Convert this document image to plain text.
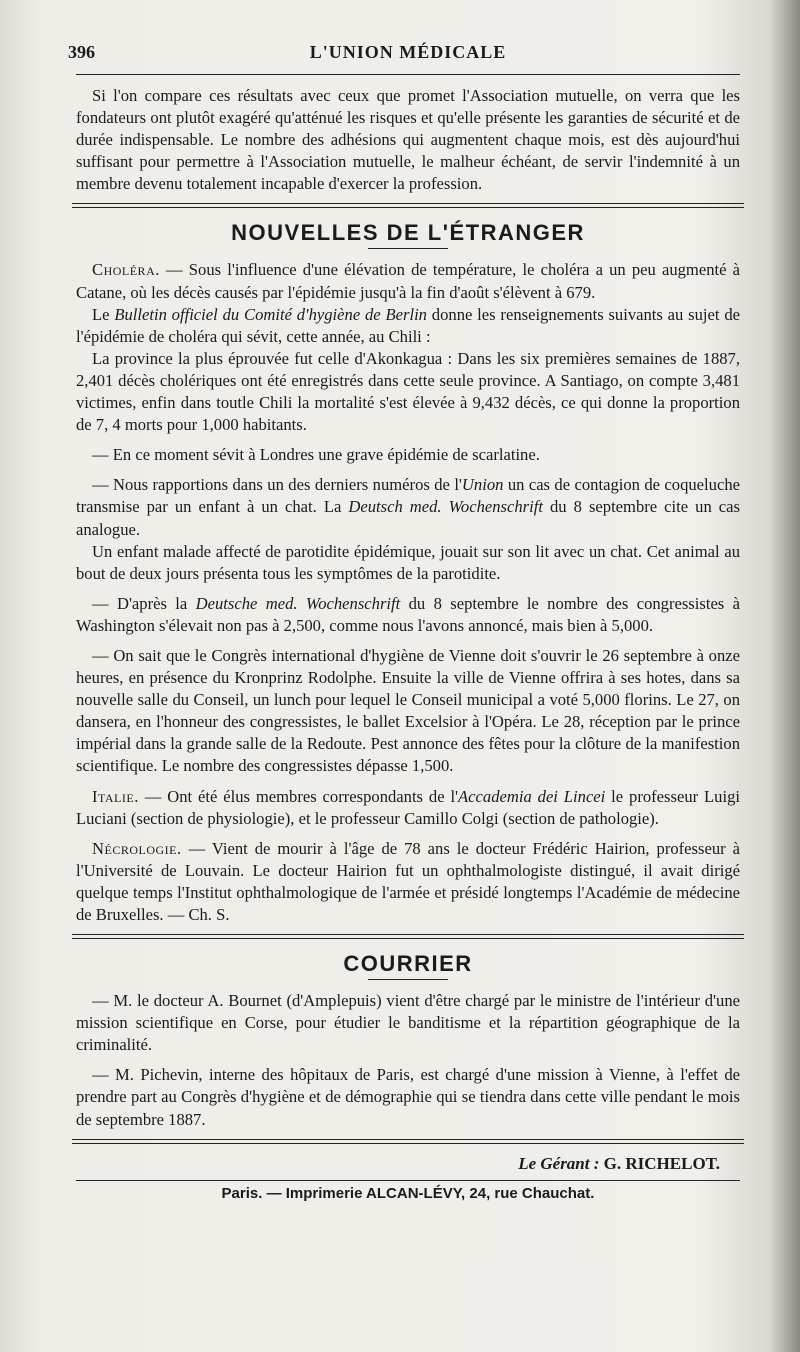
396	L'UNION MÉDICALE

Si l'on compare ces résultats avec ceux que promet l'Association mutuelle, on verra que les fondateurs ont plutôt exagéré qu'atténué les risques et qu'elle présente les garanties de sécurité et de durée indispensable. Le nombre des adhésions qui augmentent chaque mois, est dès aujourd'hui suffisant pour permettre à l'Association mutuelle, le malheur échéant, de servir l'indemnité à un membre devenu totalement incapable d'exercer la profession.

NOUVELLES DE L'ÉTRANGER

Choléra. — Sous l'influence d'une élévation de température, le choléra a un peu augmenté à Catane, où les décès causés par l'épidémie jusqu'à la fin d'août s'élèvent à 679.

Le Bulletin officiel du Comité d'hygiène de Berlin donne les renseignements suivants au sujet de l'épidémie de choléra qui sévit, cette année, au Chili :

La province la plus éprouvée fut celle d'Akonkagua : Dans les six premières semaines de 1887, 2,401 décès cholériques ont été enregistrés dans cette seule province. A Santiago, on compte 3,481 victimes, enfin dans toutle Chili la mortalité s'est élevée à 9,432 décès, ce qui donne la proportion de 7, 4 morts pour 1,000 habitants.

— En ce moment sévit à Londres une grave épidémie de scarlatine.

— Nous rapportions dans un des derniers numéros de l'Union un cas de contagion de coqueluche transmise par un enfant à un chat. La Deutsch med. Wochenschrift du 8 septembre cite un cas analogue.

Un enfant malade affecté de parotidite épidémique, jouait sur son lit avec un chat. Cet animal au bout de deux jours présenta tous les symptômes de la parotidite.

— D'après la Deutsche med. Wochenschrift du 8 septembre le nombre des congressistes à Washington s'élevait non pas à 2,500, comme nous l'avons annoncé, mais bien à 5,000.

— On sait que le Congrès international d'hygiène de Vienne doit s'ouvrir le 26 septembre à onze heures, en présence du Kronprinz Rodolphe. Ensuite la ville de Vienne offrira à ses hotes, dans sa nouvelle salle du Conseil, un lunch pour lequel le Conseil municipal a voté 5,000 florins. Le 27, on dansera, en l'honneur des congressistes, le ballet Excelsior à l'Opéra. Le 28, réception par le prince impérial dans la grande salle de la Redoute. Pest annonce des fêtes pour la clôture de la manifestion scientifique. Le nombre des congressistes dépasse 1,500.

Italie. — Ont été élus membres correspondants de l'Accademia dei Lincei le professeur Luigi Luciani (section de physiologie), et le professeur Camillo Colgi (section de pathologie).

Nécrologie. — Vient de mourir à l'âge de 78 ans le docteur Frédéric Hairion, professeur à l'Université de Louvain. Le docteur Hairion fut un ophthalmologiste distingué, il avait dirigé quelque temps l'Institut ophthalmologique de l'armée et présidé longtemps l'Académie de médecine de Bruxelles. — Ch. S.

COURRIER

— M. le docteur A. Bournet (d'Amplepuis) vient d'être chargé par le ministre de l'intérieur d'une mission scientifique en Corse, pour étudier le banditisme et la répartition géographique de la criminalité.

— M. Pichevin, interne des hôpitaux de Paris, est chargé d'une mission à Vienne, à l'effet de prendre part au Congrès d'hygiène et de démographie qui se tiendra dans cette ville pendant le mois de septembre 1887.

Le Gérant : G. RICHELOT.
Paris. — Imprimerie ALCAN-LÉVY, 24, rue Chauchat.
